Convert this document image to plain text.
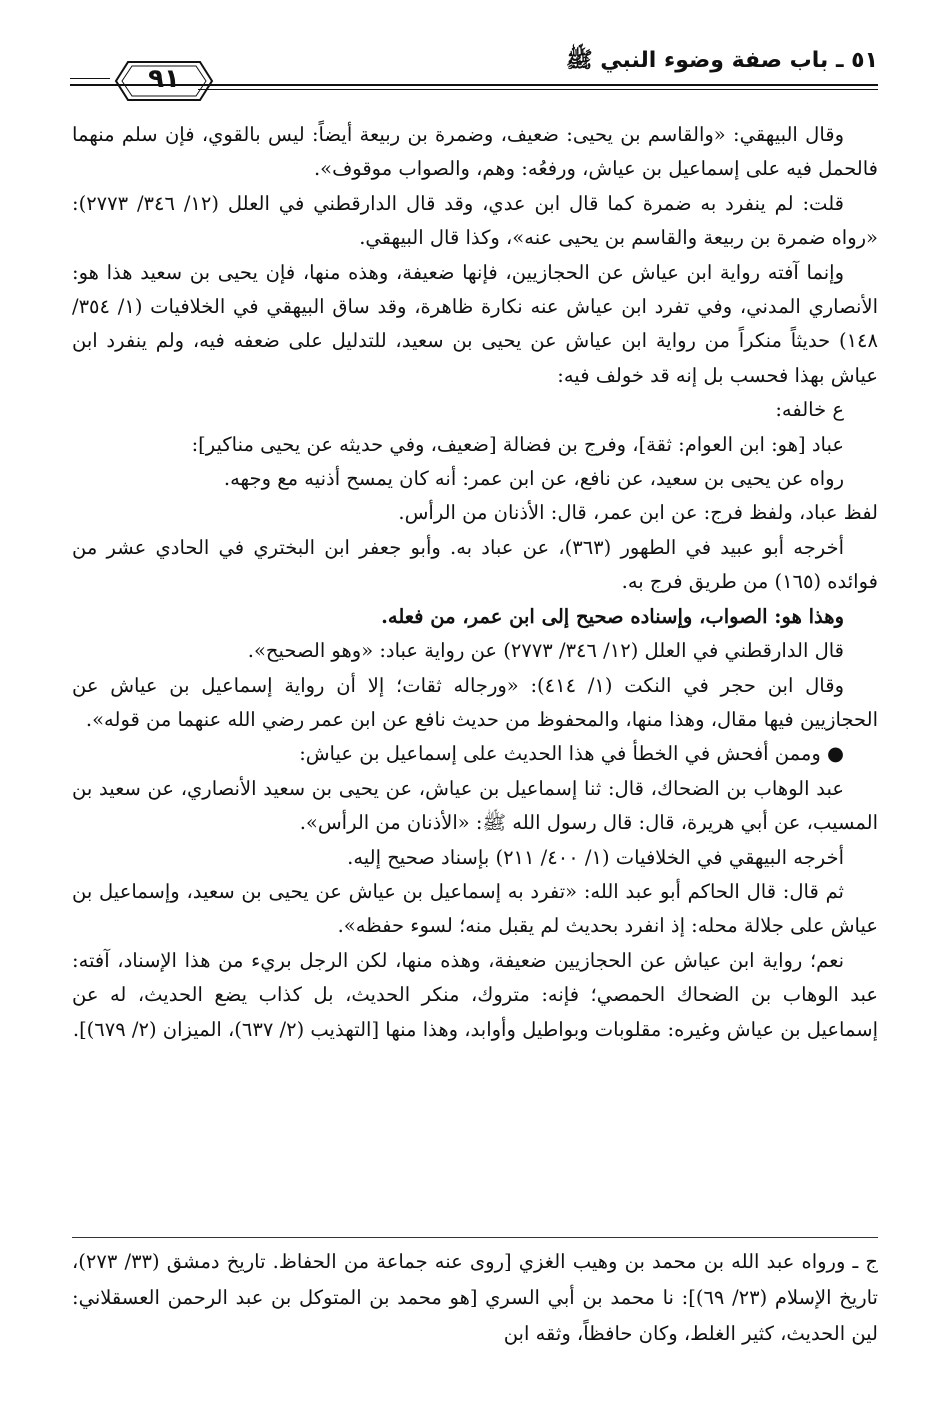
٥١ ـ باب صفة وضوء النبي ﷺ
٩١

وقال البيهقي: «والقاسم بن يحيى: ضعيف، وضمرة بن ربيعة أيضاً: ليس بالقوي، فإن سلم منهما فالحمل فيه على إسماعيل بن عياش، ورفعُه: وهم، والصواب موقوف».

قلت: لم ينفرد به ضمرة كما قال ابن عدي، وقد قال الدارقطني في العلل (١٢/ ٣٤٦/ ٢٧٧٣): «رواه ضمرة بن ربيعة والقاسم بن يحيى عنه»، وكذا قال البيهقي.

وإنما آفته رواية ابن عياش عن الحجازيين، فإنها ضعيفة، وهذه منها، فإن يحيى بن سعيد هذا هو: الأنصاري المدني، وفي تفرد ابن عياش عنه نكارة ظاهرة، وقد ساق البيهقي في الخلافيات (١/ ٣٥٤/ ١٤٨) حديثاً منكراً من رواية ابن عياش عن يحيى بن سعيد، للتدليل على ضعفه فيه، ولم ينفرد ابن عياش بهذا فحسب بل إنه قد خولف فيه:

ع خالفه:

عباد [هو: ابن العوام: ثقة]، وفرج بن فضالة [ضعيف، وفي حديثه عن يحيى مناكير]:

رواه عن يحيى بن سعيد، عن نافع، عن ابن عمر: أنه كان يمسح أذنيه مع وجهه.

لفظ عباد، ولفظ فرج: عن ابن عمر، قال: الأذنان من الرأس.

أخرجه أبو عبيد في الطهور (٣٦٣)، عن عباد به. وأبو جعفر ابن البختري في الحادي عشر من فوائده (١٦٥) من طريق فرج به.

وهذا هو: الصواب، وإسناده صحيح إلى ابن عمر، من فعله.

قال الدارقطني في العلل (١٢/ ٣٤٦/ ٢٧٧٣) عن رواية عباد: «وهو الصحيح».

وقال ابن حجر في النكت (١/ ٤١٤): «ورجاله ثقات؛ إلا أن رواية إسماعيل بن عياش عن الحجازيين فيها مقال، وهذا منها، والمحفوظ من حديث نافع عن ابن عمر رضي الله عنهما من قوله».

● وممن أفحش في الخطأ في هذا الحديث على إسماعيل بن عياش:

عبد الوهاب بن الضحاك، قال: ثنا إسماعيل بن عياش، عن يحيى بن سعيد الأنصاري، عن سعيد بن المسيب، عن أبي هريرة، قال: قال رسول الله ﷺ: «الأذنان من الرأس».

أخرجه البيهقي في الخلافيات (١/ ٤٠٠/ ٢١١) بإسناد صحيح إليه.

ثم قال: قال الحاكم أبو عبد الله: «تفرد به إسماعيل بن عياش عن يحيى بن سعيد، وإسماعيل بن عياش على جلالة محله: إذ انفرد بحديث لم يقبل منه؛ لسوء حفظه».

نعم؛ رواية ابن عياش عن الحجازيين ضعيفة، وهذه منها، لكن الرجل بريء من هذا الإسناد، آفته: عبد الوهاب بن الضحاك الحمصي؛ فإنه: متروك، منكر الحديث، بل كذاب يضع الحديث، له عن إسماعيل بن عياش وغيره: مقلوبات وبواطيل وأوابد، وهذا منها [التهذيب (٢/ ٦٣٧)، الميزان (٢/ ٦٧٩)].

ج ـ ورواه عبد الله بن محمد بن وهيب الغزي [روى عنه جماعة من الحفاظ. تاريخ دمشق (٣٣/ ٢٧٣)، تاريخ الإسلام (٢٣/ ٦٩)]: نا محمد بن أبي السري [هو محمد بن المتوكل بن عبد الرحمن العسقلاني: لين الحديث، كثير الغلط، وكان حافظاً، وثقه ابن
